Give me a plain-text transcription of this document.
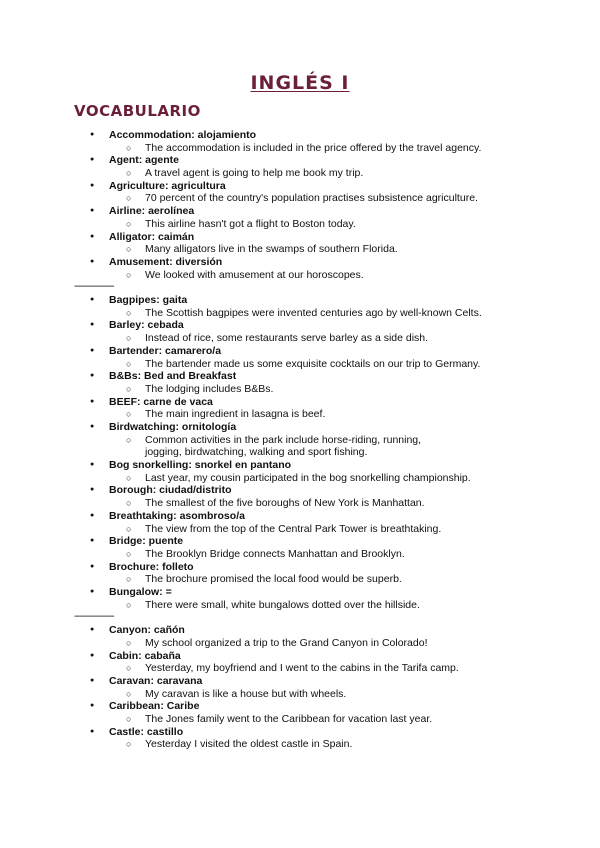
INGLÉS I
VOCABULARIO
● Accommodation: alojamiento
○ The accommodation is included in the price offered by the travel agency.
● Agent: agente
○ A travel agent is going to help me book my trip.
● Agriculture: agricultura
○ 70 percent of the country's population practises subsistence agriculture.
● Airline: aerolínea
○ This airline hasn't got a flight to Boston today.
● Alligator: caimán
○ Many alligators live in the swamps of southern Florida.
● Amusement: diversión
○ We looked with amusement at our horoscopes.
-----------------
● Bagpipes: gaita
○ The Scottish bagpipes were invented centuries ago by well-known Celts.
● Barley: cebada
○ Instead of rice, some restaurants serve barley as a side dish.
● Bartender: camarero/a
○ The bartender made us some exquisite cocktails on our trip to Germany.
● B&Bs: Bed and Breakfast
○ The lodging includes B&Bs.
● BEEF: carne de vaca
○ The main ingredient in lasagna is beef.
● Birdwatching: ornitología
○ Common activities in the park include horse-riding, running,
jogging, birdwatching, walking and sport fishing.
● Bog snorkelling: snorkel en pantano
○ Last year, my cousin participated in the bog snorkelling championship.
● Borough: ciudad/distrito
○ The smallest of the five boroughs of New York is Manhattan.
● Breathtaking: asombroso/a
○ The view from the top of the Central Park Tower is breathtaking.
● Bridge: puente
○ The Brooklyn Bridge connects Manhattan and Brooklyn.
● Brochure: folleto
○ The brochure promised the local food would be superb.
● Bungalow: =
○ There were small, white bungalows dotted over the hillside.
-----------------
● Canyon: cañón
○ My school organized a trip to the Grand Canyon in Colorado!
● Cabin: cabaña
○ Yesterday, my boyfriend and I went to the cabins in the Tarifa camp.
● Caravan: caravana
○ My caravan is like a house but with wheels.
● Caribbean: Caribe
○ The Jones family went to the Caribbean for vacation last year.
● Castle: castillo
○ Yesterday I visited the oldest castle in Spain.
